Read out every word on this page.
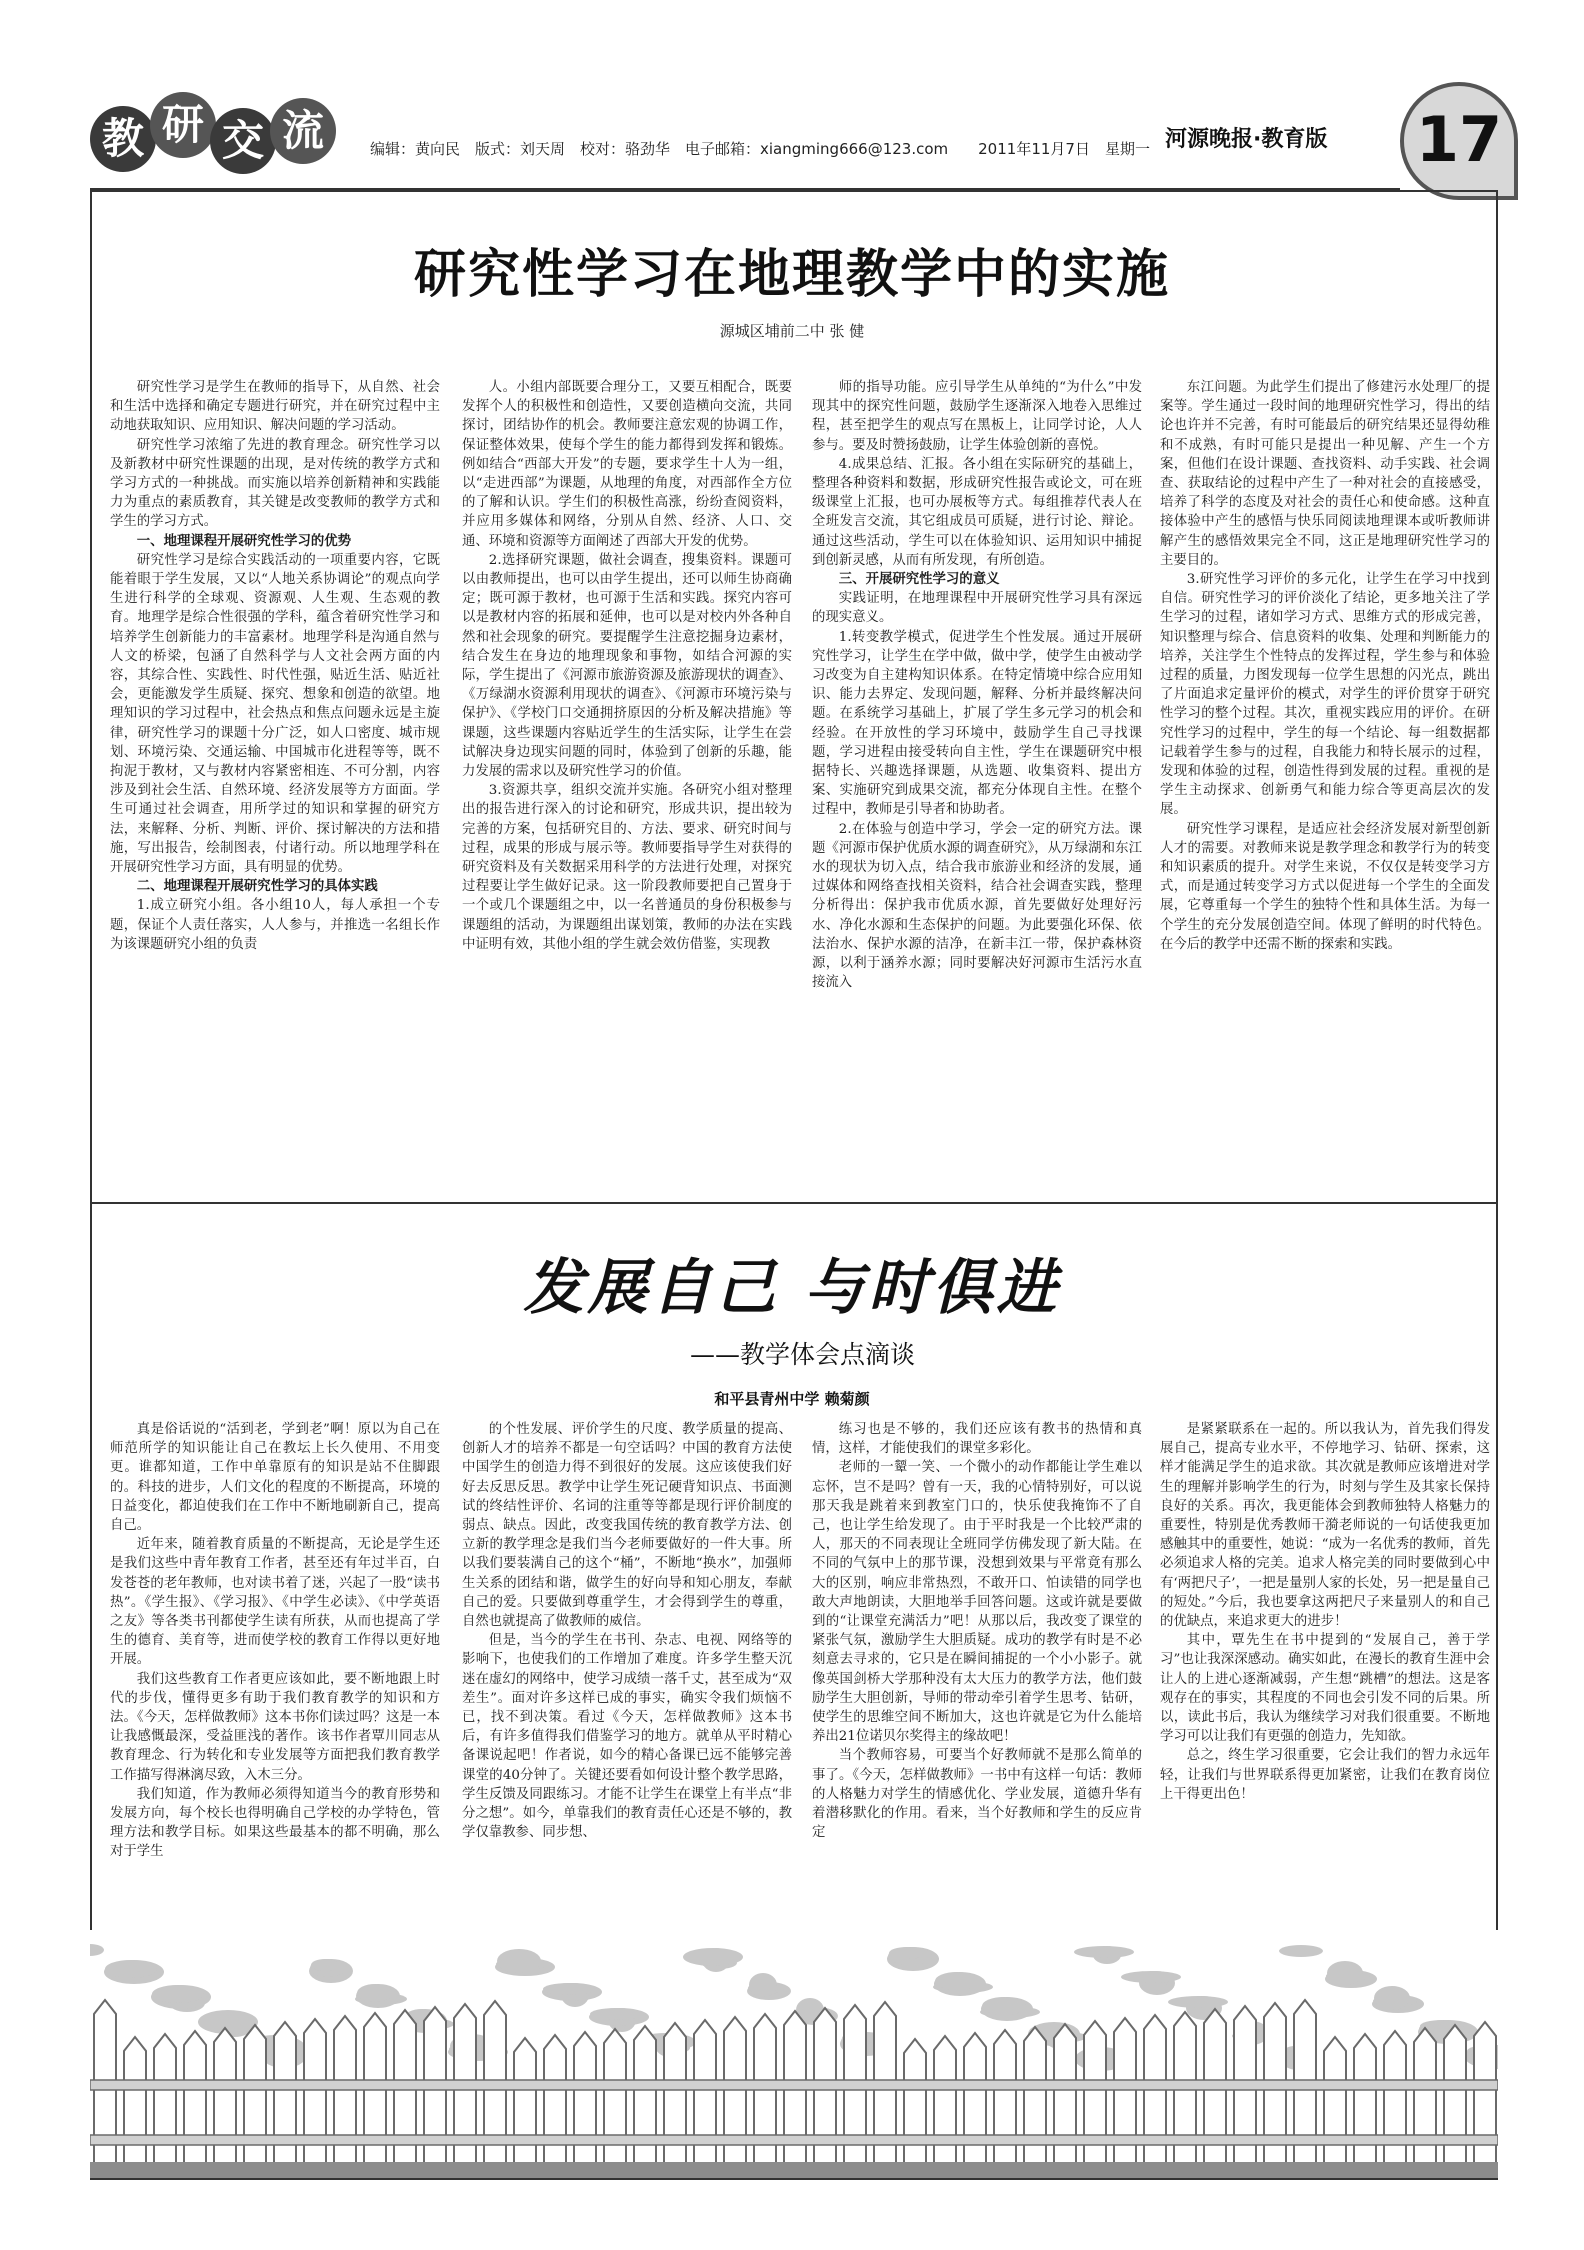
教 研 交 流	编辑：黄向民　版式：刘天周　校对：骆劲华　电子邮箱：xiangming666@123.com　　2011年11月7日　星期一 河源晚报·教育版 17
研究性学习在地理教学中的实施
源城区埔前二中 张 健

研究性学习是学生在教师的指导下，从自然、社会和生活中选择和确定专题进行研究，并在研究过程中主动地获取知识、应用知识、解决问题的学习活动。

研究性学习浓缩了先进的教育理念。研究性学习以及新教材中研究性课题的出现，是对传统的教学方式和学习方式的一种挑战。而实施以培养创新精神和实践能力为重点的素质教育，其关键是改变教师的教学方式和学生的学习方式。

一、地理课程开展研究性学习的优势

研究性学习是综合实践活动的一项重要内容，它既能着眼于学生发展，又以“人地关系协调论”的观点向学生进行科学的全球观、资源观、人生观、生态观的教育。地理学是综合性很强的学科，蕴含着研究性学习和培养学生创新能力的丰富素材。地理学科是沟通自然与人文的桥梁，包涵了自然科学与人文社会两方面的内容，其综合性、实践性、时代性强，贴近生活、贴近社会，更能激发学生质疑、探究、想象和创造的欲望。地理知识的学习过程中，社会热点和焦点问题永远是主旋律，研究性学习的课题十分广泛，如人口密度、城市规划、环境污染、交通运输、中国城市化进程等等，既不拘泥于教材，又与教材内容紧密相连、不可分割，内容涉及到社会生活、自然环境、经济发展等方方面面。学生可通过社会调查，用所学过的知识和掌握的研究方法，来解释、分析、判断、评价、探讨解决的方法和措施，写出报告，绘制图表，付诸行动。所以地理学科在开展研究性学习方面，具有明显的优势。

二、地理课程开展研究性学习的具体实践

1.成立研究小组。各小组10人，每人承担一个专题，保证个人责任落实，人人参与，并推选一名组长作为该课题研究小组的负责

人。小组内部既要合理分工，又要互相配合，既要发挥个人的积极性和创造性，又要创造横向交流，共同探讨，团结协作的机会。教师要注意宏观的协调工作，保证整体效果，使每个学生的能力都得到发挥和锻炼。例如结合“西部大开发”的专题，要求学生十人为一组，以“走进西部”为课题，从地理的角度，对西部作全方位的了解和认识。学生们的积极性高涨，纷纷查阅资料，并应用多媒体和网络，分别从自然、经济、人口、交通、环境和资源等方面阐述了西部大开发的优势。

2.选择研究课题，做社会调查，搜集资料。课题可以由教师提出，也可以由学生提出，还可以师生协商确定；既可源于教材，也可源于生活和实践。探究内容可以是教材内容的拓展和延伸，也可以是对校内外各种自然和社会现象的研究。要提醒学生注意挖掘身边素材，结合发生在身边的地理现象和事物，如结合河源的实际，学生提出了《河源市旅游资源及旅游现状的调查》、《万绿湖水资源利用现状的调查》、《河源市环境污染与保护》、《学校门口交通拥挤原因的分析及解决措施》等课题，这些课题内容贴近学生的生活实际，让学生在尝试解决身边现实问题的同时，体验到了创新的乐趣，能力发展的需求以及研究性学习的价值。

3.资源共享，组织交流并实施。各研究小组对整理出的报告进行深入的讨论和研究，形成共识，提出较为完善的方案，包括研究目的、方法、要求、研究时间与过程，成果的形成与展示等。教师要指导学生对获得的研究资料及有关数据采用科学的方法进行处理，对探究过程要让学生做好记录。这一阶段教师要把自己置身于一个或几个课题组之中，以一名普通员的身份积极参与课题组的活动，为课题组出谋划策，教师的办法在实践中证明有效，其他小组的学生就会效仿借鉴，实现教

师的指导功能。应引导学生从单纯的“为什么”中发现其中的探究性问题，鼓励学生逐渐深入地卷入思维过程，甚至把学生的观点写在黑板上，让同学讨论，人人参与。要及时赞扬鼓励，让学生体验创新的喜悦。

4.成果总结、汇报。各小组在实际研究的基础上，整理各种资料和数据，形成研究性报告或论文，可在班级课堂上汇报，也可办展板等方式。每组推荐代表人在全班发言交流，其它组成员可质疑，进行讨论、辩论。通过这些活动，学生可以在体验知识、运用知识中捕捉到创新灵感，从而有所发现，有所创造。

三、开展研究性学习的意义

实践证明，在地理课程中开展研究性学习具有深远的现实意义。

1.转变教学模式，促进学生个性发展。通过开展研究性学习，让学生在学中做，做中学，使学生由被动学习改变为自主建构知识体系。在特定情境中综合应用知识、能力去界定、发现问题，解释、分析并最终解决问题。在系统学习基础上，扩展了学生多元学习的机会和经验。在开放性的学习环境中，鼓励学生自己寻找课题，学习进程由接受转向自主性，学生在课题研究中根据特长、兴趣选择课题，从选题、收集资料、提出方案、实施研究到成果交流，都充分体现自主性。在整个过程中，教师是引导者和协助者。

2.在体验与创造中学习，学会一定的研究方法。课题《河源市保护优质水源的调查研究》，从万绿湖和东江水的现状为切入点，结合我市旅游业和经济的发展，通过媒体和网络查找相关资料，结合社会调查实践，整理分析得出：保护我市优质水源，首先要做好处理好污水、净化水源和生态保护的问题。为此要强化环保、依法治水、保护水源的洁净，在新丰江一带，保护森林资源，以利于涵养水源；同时要解决好河源市生活污水直接流入

东江问题。为此学生们提出了修建污水处理厂的提案等。学生通过一段时间的地理研究性学习，得出的结论也许并不完善，有时可能最后的研究结果还显得幼稚和不成熟，有时可能只是提出一种见解、产生一个方案，但他们在设计课题、查找资料、动手实践、社会调查、获取结论的过程中产生了一种对社会的直接感受，培养了科学的态度及对社会的责任心和使命感。这种直接体验中产生的感悟与快乐同阅读地理课本或听教师讲解产生的感悟效果完全不同，这正是地理研究性学习的主要目的。

3.研究性学习评价的多元化，让学生在学习中找到自信。研究性学习的评价淡化了结论，更多地关注了学生学习的过程，诸如学习方式、思维方式的形成完善，知识整理与综合、信息资料的收集、处理和判断能力的培养，关注学生个性特点的发挥过程，学生参与和体验过程的质量，力图发现每一位学生思想的闪光点，跳出了片面追求定量评价的模式，对学生的评价贯穿于研究性学习的整个过程。其次，重视实践应用的评价。在研究性学习的过程中，学生的每一个结论、每一组数据都记载着学生参与的过程，自我能力和特长展示的过程，发现和体验的过程，创造性得到发展的过程。重视的是学生主动探求、创新勇气和能力综合等更高层次的发展。

研究性学习课程，是适应社会经济发展对新型创新人才的需要。对教师来说是教学理念和教学行为的转变和知识素质的提升。对学生来说，不仅仅是转变学习方式，而是通过转变学习方式以促进每一个学生的全面发展，它尊重每一个学生的独特个性和具体生活。为每一个学生的充分发展创造空间。体现了鲜明的时代特色。在今后的教学中还需不断的探索和实践。

发展自己 与时俱进
——教学体会点滴谈
和平县青州中学 赖菊颜

真是俗话说的“活到老，学到老”啊！原以为自己在师范所学的知识能让自己在教坛上长久使用、不用变更。谁都知道，工作中单靠原有的知识是站不住脚跟的。科技的进步，人们文化的程度的不断提高，环境的日益变化，都迫使我们在工作中不断地刷新自己，提高自己。

近年来，随着教育质量的不断提高，无论是学生还是我们这些中青年教育工作者，甚至还有年过半百，白发苍苍的老年教师，也对读书着了迷，兴起了一股“读书热”。《学生报》、《学习报》、《中学生必读》、《中学英语之友》等各类书刊都使学生读有所获，从而也提高了学生的德育、美育等，进而使学校的教育工作得以更好地开展。

我们这些教育工作者更应该如此，要不断地跟上时代的步伐，懂得更多有助于我们教育教学的知识和方法。《今天，怎样做教师》这本书你们读过吗？这是一本让我感慨最深，受益匪浅的著作。该书作者覃川同志从教育理念、行为转化和专业发展等方面把我们教育教学工作描写得淋漓尽致，入木三分。

我们知道，作为教师必须得知道当今的教育形势和发展方向，每个校长也得明确自己学校的办学特色，管理方法和教学目标。如果这些最基本的都不明确，那么对于学生

的个性发展、评价学生的尺度、教学质量的提高、创新人才的培养不都是一句空话吗？中国的教育方法使中国学生的创造力得不到很好的发展。这应该使我们好好去反思反思。教学中让学生死记硬背知识点、书面测试的终结性评价、名词的注重等等都是现行评价制度的弱点、缺点。因此，改变我国传统的教育教学方法、创立新的教学理念是我们当今老师要做好的一件大事。所以我们要装满自己的这个“桶”，不断地“换水”，加强师生关系的团结和谐，做学生的好向导和知心朋友，奉献自己的爱。只要做到尊重学生，才会得到学生的尊重，自然也就提高了做教师的威信。

但是，当今的学生在书刊、杂志、电视、网络等的影响下，也使我们的工作增加了难度。许多学生整天沉迷在虚幻的网络中，使学习成绩一落千丈，甚至成为“双差生”。面对许多这样已成的事实，确实令我们烦恼不已，找不到决策。看过《今天，怎样做教师》这本书后，有许多值得我们借鉴学习的地方。就单从平时精心备课说起吧！作者说，如今的精心备课已远不能够完善课堂的40分钟了。关键还要看如何设计整个教学思路，学生反馈及同跟练习。才能不让学生在课堂上有半点“非分之想”。如今，单靠我们的教育责任心还是不够的，教学仅靠教参、同步想、

练习也是不够的，我们还应该有教书的热情和真情，这样，才能使我们的课堂多彩化。

老师的一颦一笑、一个微小的动作都能让学生难以忘怀，岂不是吗？曾有一天，我的心情特别好，可以说那天我是跳着来到教室门口的，快乐使我掩饰不了自己，也让学生给发现了。由于平时我是一个比较严肃的人，那天的不同表现让全班同学仿佛发现了新大陆。在不同的气氛中上的那节课，没想到效果与平常竟有那么大的区别，响应非常热烈，不敢开口、怕读错的同学也敢大声地朗读，大胆地举手回答问题。这或许就是要做到的“让课堂充满活力”吧！从那以后，我改变了课堂的紧张气氛，激励学生大胆质疑。成功的教学有时是不必刻意去寻求的，它只是在瞬间捕捉的一个小小影子。就像英国剑桥大学那种没有太大压力的教学方法，他们鼓励学生大胆创新，导师的带动牵引着学生思考、钻研，使学生的思维空间不断加大，这也许就是它为什么能培养出21位诺贝尔奖得主的缘故吧！

当个教师容易，可要当个好教师就不是那么简单的事了。《今天，怎样做教师》一书中有这样一句话：教师的人格魅力对学生的情感优化、学业发展，道德升华有着潜移默化的作用。看来，当个好教师和学生的反应肯定

是紧紧联系在一起的。所以我认为，首先我们得发展自己，提高专业水平，不停地学习、钻研、探索，这样才能满足学生的追求欲。其次就是教师应该增进对学生的理解并影响学生的行为，时刻与学生及其家长保持良好的关系。再次，我更能体会到教师独特人格魅力的重要性，特别是优秀教师干漪老师说的一句话使我更加感触其中的重要性，她说：“成为一名优秀的教师，首先必须追求人格的完美。追求人格完美的同时要做到心中有‘两把尺子’，一把是量别人家的长处，另一把是量自己的短处。”今后，我也要拿这两把尺子来量别人的和自己的优缺点，来追求更大的进步！

其中，覃先生在书中提到的“发展自己，善于学习”也让我深深感动。确实如此，在漫长的教育生涯中会让人的上进心逐渐减弱，产生想“跳槽”的想法。这是客观存在的事实，其程度的不同也会引发不同的后果。所以，读此书后，我认为继续学习对我们很重要。不断地学习可以让我们有更强的创造力，先知欲。

总之，终生学习很重要，它会让我们的智力永远年轻，让我们与世界联系得更加紧密，让我们在教育岗位上干得更出色！
